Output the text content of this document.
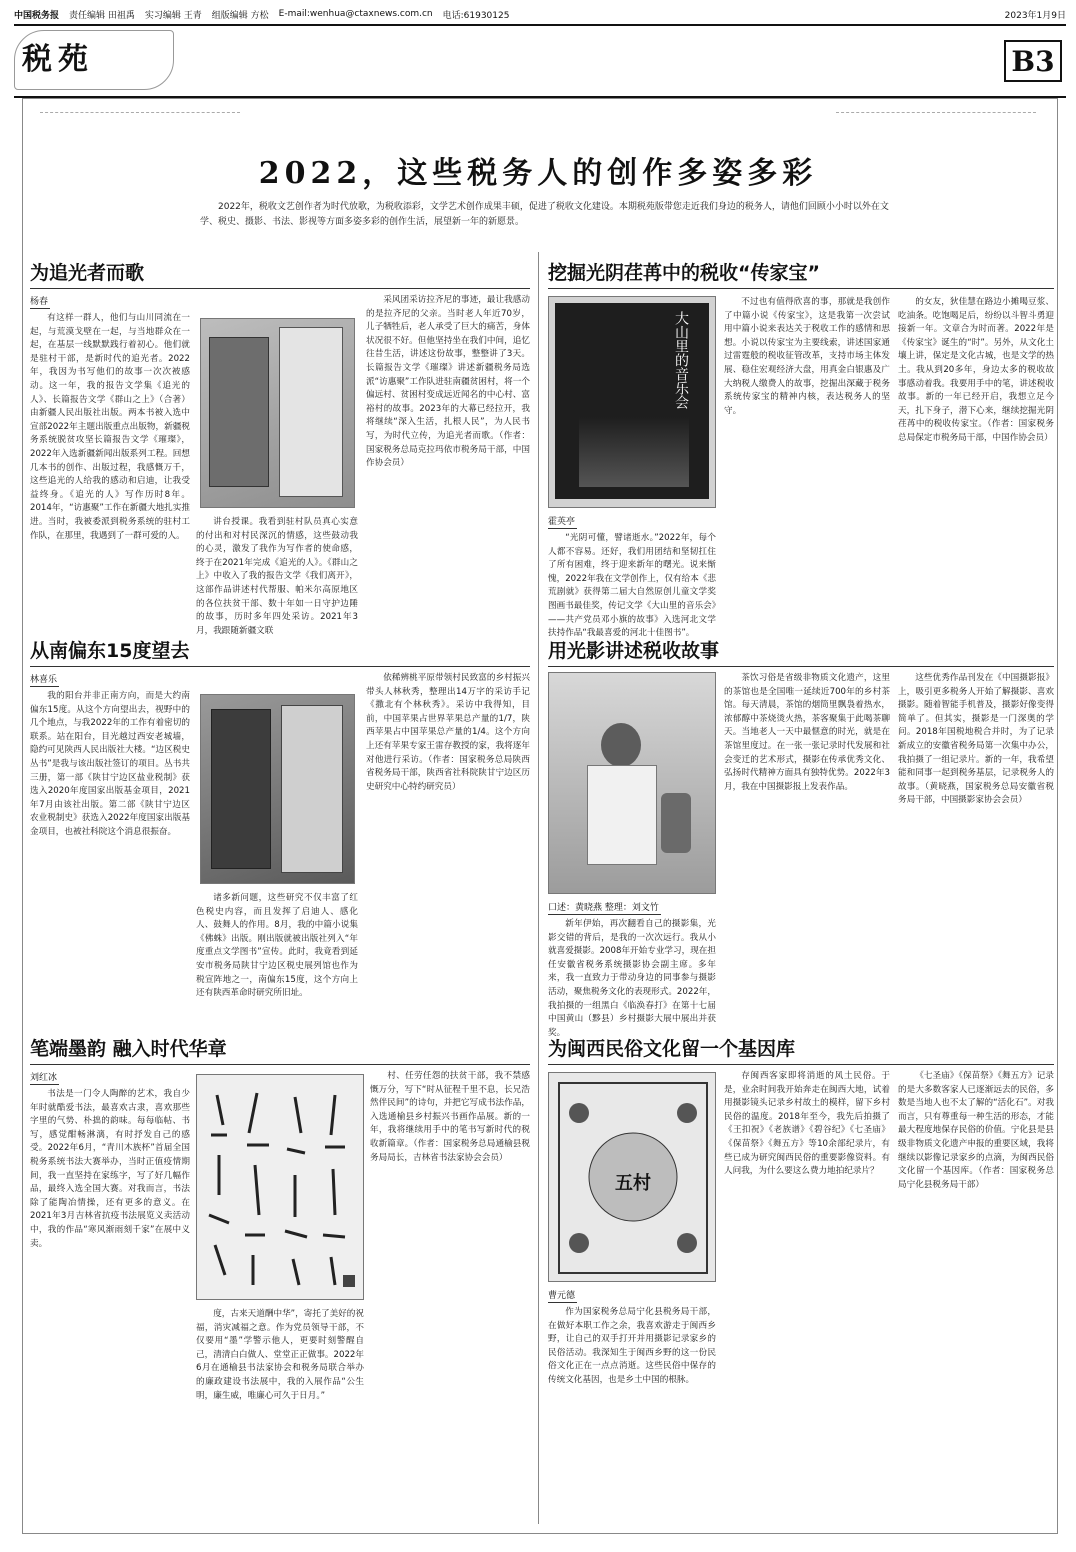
中国税务报 责任编辑 田祖禹 实习编辑 王青 组版编辑 方松 E-mail:wenhua@ctaxnews.com.cn 电话:61930125	2023年1月9日
税苑	B3
2022，这些税务人的创作多姿多彩
2022年，税收文艺创作者为时代放歌，为税收添彩，文学艺术创作成果丰硕，促进了税收文化建设。本期税苑版带您走近我们身边的税务人，请他们回顾小小时以外在文学、税史、摄影、书法、影视等方面多姿多彩的创作生活，展望新一年的新愿景。
为追光者而歌
杨春

有这样一群人，他们与山川同流在一起，与荒漠戈壁在一起，与当地群众在一起，在基层一线默默践行着初心。他们就是驻村干部，是新时代的追光者。2022年，我因为书写他们的故事一次次被感动。这一年，我的报告文学集《追光的人》、长篇报告文学《群山之上》（合著）由新疆人民出版社出版。两本书被入选中宣部2022年主题出版重点出版物，新疆税务系统脱贫攻坚长篇报告文学《璀璨》，2022年入选新疆新闻出版系列工程。回想几本书的创作、出版过程，我感慨万千，这些追光的人给我的感动和启迪，让我受益终身。《追光的人》写作历时8年。2014年，“访惠聚”工作在新疆大地扎实推进。当时，我被委派到税务系统的驻村工作队，在那里，我遇到了一群可爱的人。

讲台授课。我看到驻村队员真心实意的付出和对村民深沉的情感，这些鼓动我的心灵，激发了我作为写作者的使命感，终于在2021年完成《追光的人》。《群山之上》中收入了我的报告文学《我们离开》，这部作品讲述村代帮服、帕米尔高原地区的各位扶贫干部、数十年如一日守护边陲的故事，历时多年四处采访。2021年3月，我跟随新疆文联

采风团采访拉齐尼的事迹，最让我感动的是拉齐尼的父亲。当时老人年近70岁，儿子牺牲后，老人承受了巨大的痛苦，身体状况很不好。但他坚持坐在我们中间，追忆往昔生活，讲述这份故事，整整讲了3天。长篇报告文学《璀璨》讲述新疆税务局选派“访惠聚”工作队进驻南疆贫困村，将一个偏远村、贫困村变成远近闻名的中心村、富裕村的故事。2023年的大幕已经拉开，我将继续“深入生活，扎根人民”，为人民书写，为时代立传，为追光者而歌。（作者：国家税务总局克拉玛依市税务局干部，中国作协会员）

从南偏东15度望去
林喜乐

我的阳台并非正南方向，而是大约南偏东15度。从这个方向望出去，视野中的几个地点，与我2022年的工作有着密切的联系。站在阳台，目光越过西安老城墙，隐约可见陕西人民出版社大楼。“边区税史丛书”是我与该出版社签订的项目。丛书共三册，第一部《陕甘宁边区盐业税制》获选入2020年度国家出版基金项目，2021年7月由该社出版。第二部《陕甘宁边区农业税制史》获选入2022年度国家出版基金项目，也被社科院这个消息很振奋。

诸多新问题，这些研究不仅丰富了红色税史内容，而且发挥了启迪人、感化人、鼓舞人的作用。8月，我的中篇小说集《佛蛛》出版。刚出版就被出版社列入“年度重点文学图书”宣传。此时，我竟看到延安市税务局陕甘宁边区税史展列馆也作为税宣阵地之一，南偏东15度，这个方向上还有陕西革命时研究所旧址。

依稀辨桃平原带领村民致富的乡村振兴带头人林秋秀，整理出14万字的采访手记《撒北有个林秋秀》。采访中我得知，目前，中国苹果占世界苹果总产量的1/7，陕西苹果占中国苹果总产量的1/4。这个方向上还有苹果专家王雷存教授的家，我将逐年对他进行采访。（作者：国家税务总局陕西省税务局干部，陕西省社科院陕甘宁边区历史研究中心特约研究员）

笔端墨韵 融入时代华章
刘红冰

书法是一门令人陶醉的艺术，我自少年时就酷爱书法，最喜欢古隶，喜欢那些字里的气势、朴拙的韵味。每每临帖、书写，感觉酣畅淋漓，有时抒发自己的感受。2022年6月，“青川木族杯”首届全国税务系统书法大赛举办，当时正值疫情期间，我一直坚持在家练字，写了好几幅作品，最终入选全国大赛。对我而言，书法除了能陶冶情操，还有更多的意义。在2021年3月吉林省抗疫书法展览义卖活动中，我的作品“寒风渐雨刻千家”在展中义卖。

度，古来天道酬中华”，寄托了美好的祝福，消灾减福之意。作为党员领导干部，不仅要用“墨”学警示他人，更要时刻警醒自己，清清白白做人、堂堂正正做事。2022年6月在通榆县书法家协会和税务局联合举办的廉政建设书法展中，我的入展作品“公生明，廉生威，唯廉心可久于日月。”

村、任劳任怨的扶贫干部，我不禁感慨万分，写下“时从征程千里不息，长兄浩然伴民间”的诗句，并把它写成书法作品，入选通榆县乡村振兴书画作品展。新的一年，我将继续用手中的笔书写新时代的税收新篇章。（作者：国家税务总局通榆县税务局局长，吉林省书法家协会会员）

挖掘光阴荏苒中的税收“传家宝”
大山里的音乐会
霍英亭

“光阴可懂，譬诸逝水。”2022年，每个人都不容易。还好，我们用团结和坚韧扛住了所有困难，终于迎来新年的曙光。说来惭愧，2022年我在文学创作上，仅有给本《悲荒剧就》获得第二届大自然原创儿童文学奖图画书最佳奖，传记文学《大山里的音乐会》——共产党员邓小旗的故事》入选河北文学扶持作品“我最喜爱的河北十佳图书”。

不过也有值得欣喜的事，那就是我创作了中篇小说《传家宝》，这是我第一次尝试用中篇小说来表达关于税收工作的感情和思想。小说以传家宝为主要线索，讲述国家通过雷霆般的税收征管改革，支持市场主体发展、稳住宏观经济大盘，用真金白银惠及广大纳税人缴费人的故事，挖掘出深藏于税务系统传家宝的精神内核，表达税务人的坚守。

的女友，狄佳慧在路边小摊喝豆浆、吃油条。吃饱喝足后，纷纷以斗智斗勇迎接新一年。文章合为时而著。2022年是《传家宝》诞生的“时”。另外，从文化土壤上讲，保定是文化古城，也是文学的热土。我从到20多年，身边太多的税收故事感动着我。我要用手中的笔，讲述税收故事。新的一年已经开启，我想立足今天，扎下身子，潜下心来，继续挖掘光阴荏苒中的税收传家宝。（作者：国家税务总局保定市税务局干部，中国作协会员）

用光影讲述税收故事
口述：黄晓燕 整理：刘文竹

新年伊始，再次翻看自己的摄影集，光影交错的背后，是我的一次次远行。我从小就喜爱摄影。2008年开始专业学习，现在担任安徽省税务系统摄影协会副主席。多年来，我一直致力于带动身边的同事参与摄影活动，聚焦税务文化的表现形式。2022年，我拍摄的一组黑白《临涣春打》在第十七届中国黄山（黟县）乡村摄影大展中展出并获奖。

茶饮习俗是省级非物质文化遗产，这里的茶馆也是全国唯一延续近700年的乡村茶馆。每天清晨，茶馆的烟筒里飘袅着热水，浓郁醇中茶烧烫火热，茶客聚集于此喝茶聊天。当地老人一天中最惬意的时光，就是在茶馆里度过。在一张一张记录时代发展和社会变迁的艺术形式，摄影在传承优秀文化、弘扬时代精神方面具有独特优势。2022年3月，我在中国摄影报上发表作品。

这些优秀作品刊发在《中国摄影报》上，吸引更多税务人开始了解摄影、喜欢摄影。随着智能手机普及，摄影好像变得简单了。但其实，摄影是一门深奥的学问。2018年国税地税合并时，为了记录新成立的安徽省税务局第一次集中办公，我拍摄了一组记录片。新的一年，我希望能和同事一起到税务基层，记录税务人的故事。（黄晓燕，国家税务总局安徽省税务局干部，中国摄影家协会会员）

为闽西民俗文化留一个基因库
五村
曹元德

作为国家税务总局宁化县税务局干部，在做好本职工作之余，我喜欢游走于闽西乡野，让自己的双手打开并用摄影记录家乡的民俗活动。我深知生于闽西乡野的这一份民俗文化正在一点点消逝。这些民俗中保存的传统文化基因，也是乡土中国的根脉。

存闽西客家即将消逝的风土民俗。于是，业余时间我开始奔走在闽西大地，试着用摄影镜头记录乡村故土的模样，留下乡村民俗的温度。2018年至今，我先后拍摄了《王扣祝》《老族谱》《碧谷纪》《七圣庙》《保苗祭》《舞五方》等10余部纪录片，有些已成为研究闽西民俗的重要影像资料。有人问我，为什么要这么费力地拍纪录片？

《七圣庙》《保苗祭》《舞五方》记录的是大多数客家人已逐渐远去的民俗，多数是当地人也不太了解的“活化石”。对我而言，只有尊重每一种生活的形态，才能最大程度地保存民俗的价值。宁化县是县级非物质文化遗产申报的重要区域，我将继续以影像记录家乡的点滴，为闽西民俗文化留一个基因库。（作者：国家税务总局宁化县税务局干部）
